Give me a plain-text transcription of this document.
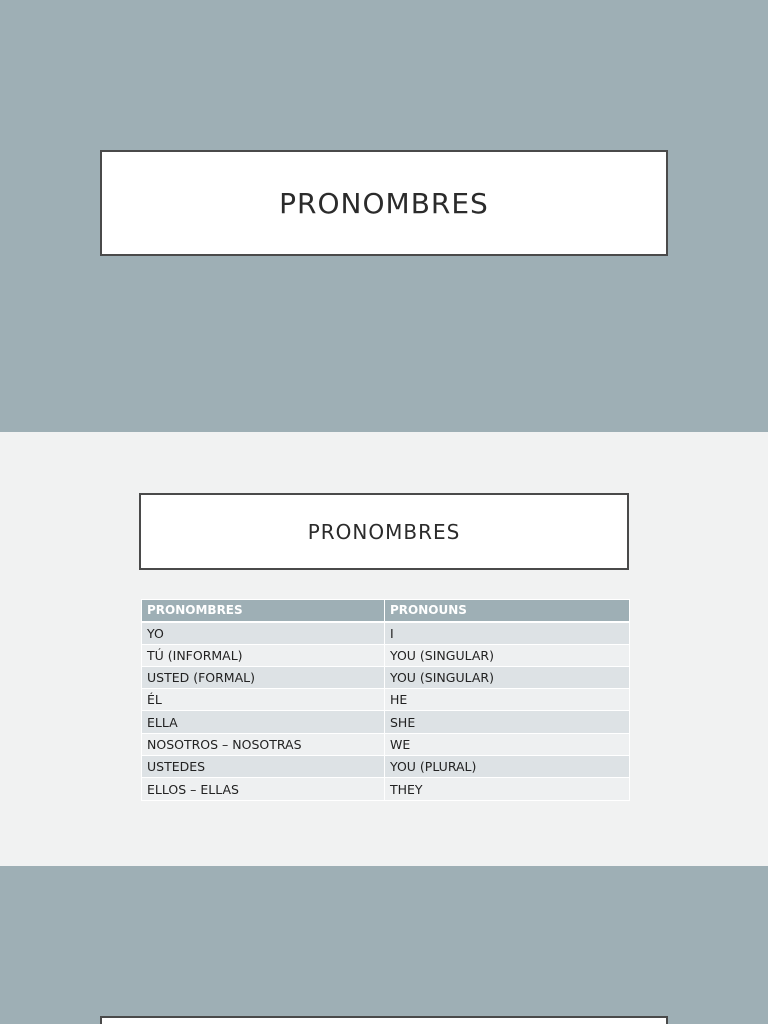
PRONOMBRES
PRONOMBRES
PRONOMBRES	PRONOUNS
YO	I
TÚ (INFORMAL)	YOU (SINGULAR)
USTED (FORMAL)	YOU (SINGULAR)
ÉL	HE
ELLA	SHE
NOSOTROS – NOSOTRAS	WE
USTEDES	YOU (PLURAL)
ELLOS – ELLAS	THEY
